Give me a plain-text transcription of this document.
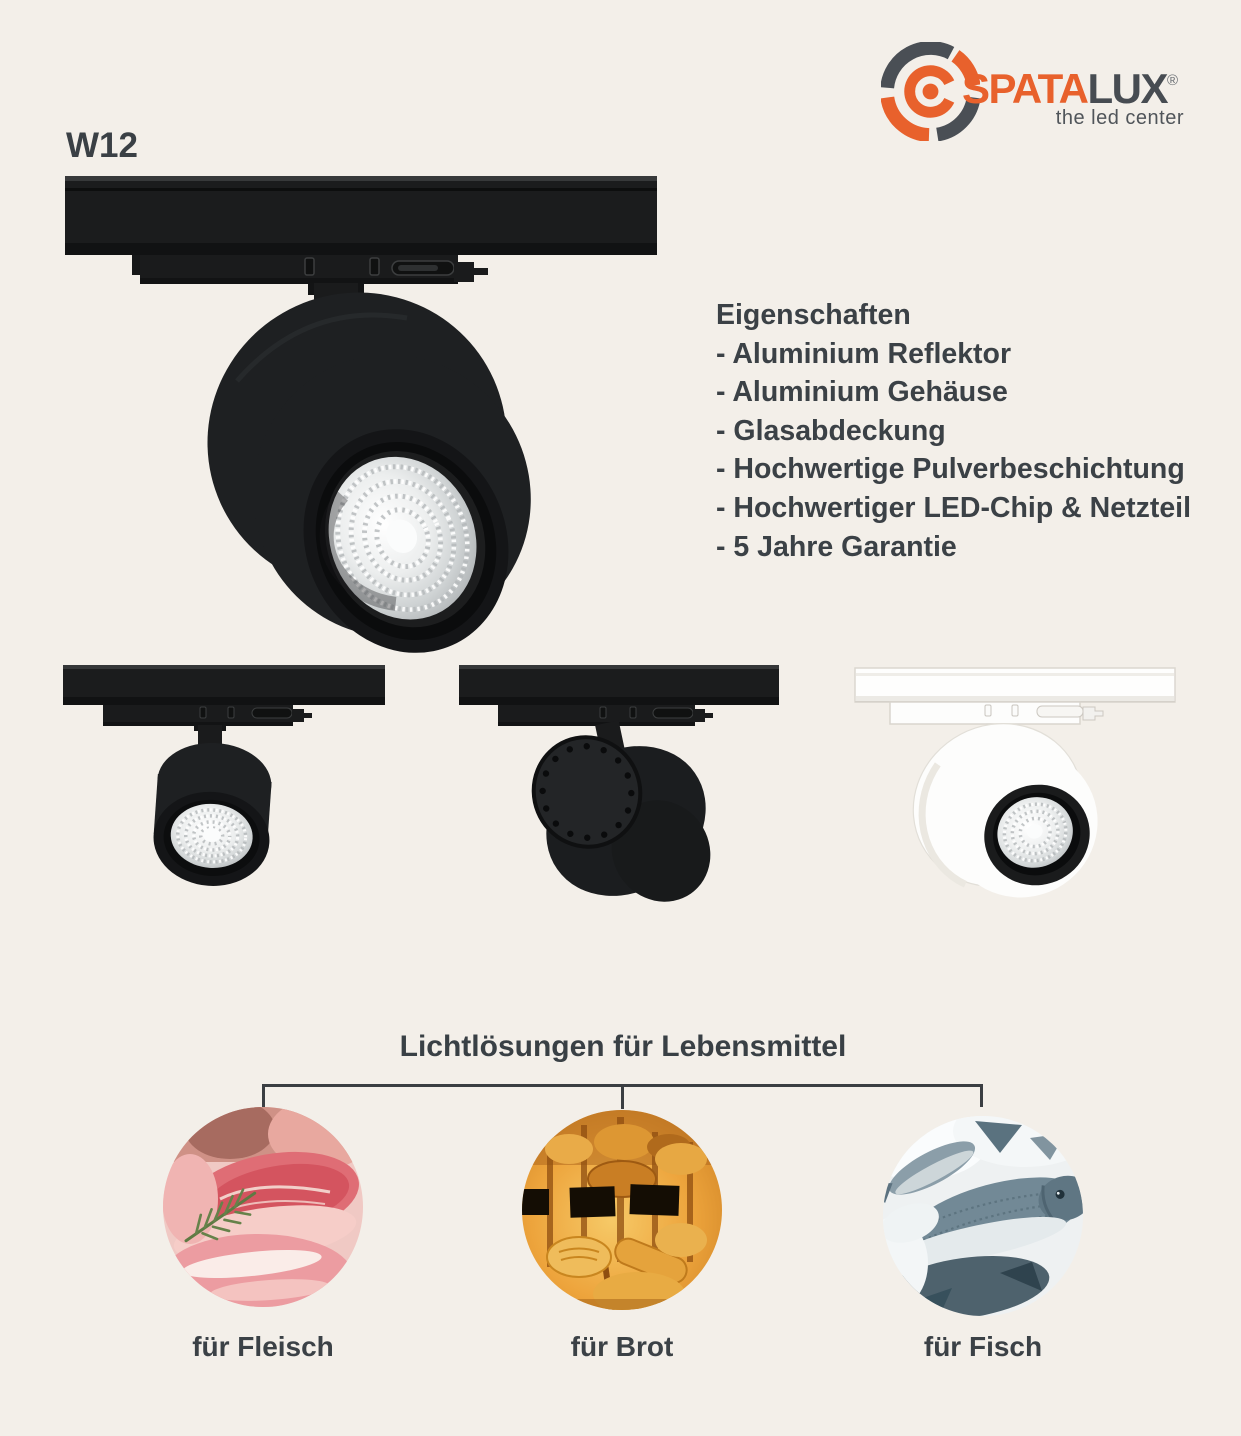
SPATALUX®
the led center
W12
Eigenschaften
- Aluminium Reflektor
- Aluminium Gehäuse
- Glasabdeckung
- Hochwertige Pulverbeschichtung
- Hochwertiger LED-Chip & Netzteil
- 5 Jahre Garantie
Lichtlösungen für Lebensmittel
für Fleisch	für Brot	für Fisch
